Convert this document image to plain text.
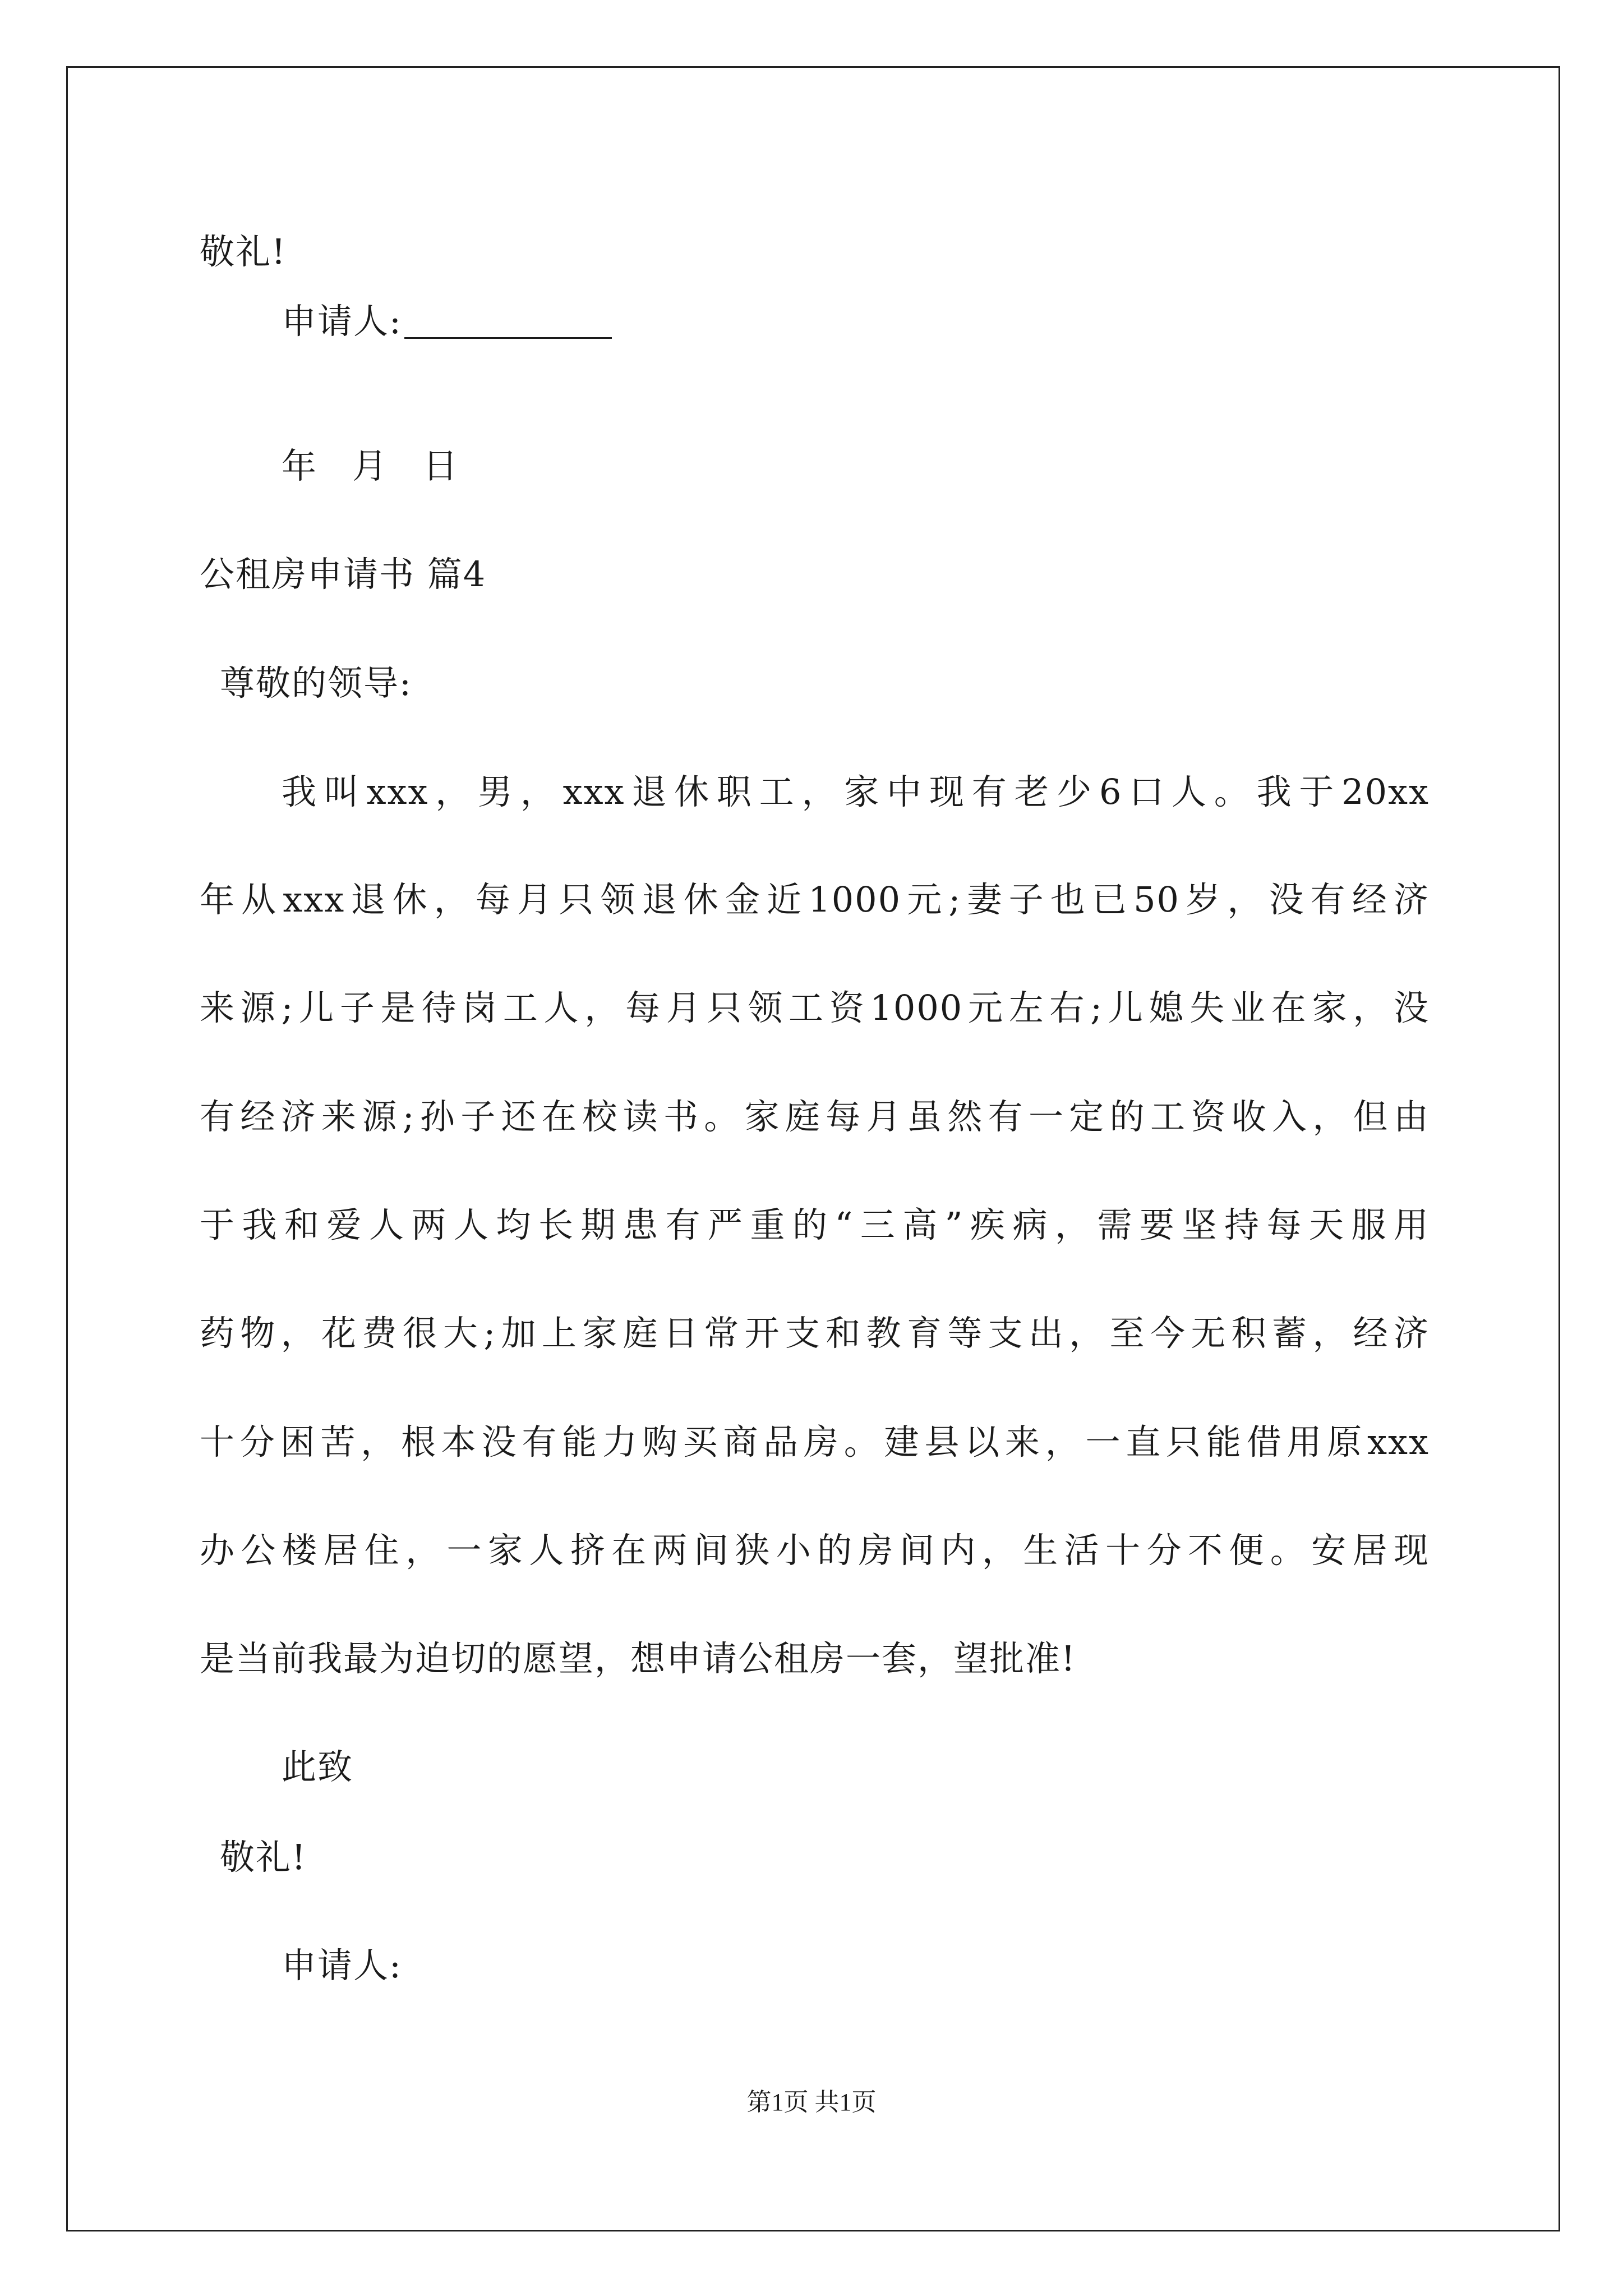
敬礼!
申请人:
年 月 日
公租房申请书 篇4
尊敬的领导:
我叫xxx，男，xxx退休职工，家中现有老少6口人。我于20xx
年从xxx退休，每月只领退休金近1000元;妻子也已50岁，没有经济
来源;儿子是待岗工人，每月只领工资1000元左右;儿媳失业在家，没
有经济来源;孙子还在校读书。家庭每月虽然有一定的工资收入，但由
于我和爱人两人均长期患有严重的“三高”疾病，需要坚持每天服用
药物，花费很大;加上家庭日常开支和教育等支出，至今无积蓄，经济
十分困苦，根本没有能力购买商品房。建县以来，一直只能借用原xxx
办公楼居住，一家人挤在两间狭小的房间内，生活十分不便。安居现
是当前我最为迫切的愿望，想申请公租房一套，望批准!
此致
敬礼!
申请人:
第1页 共1页
